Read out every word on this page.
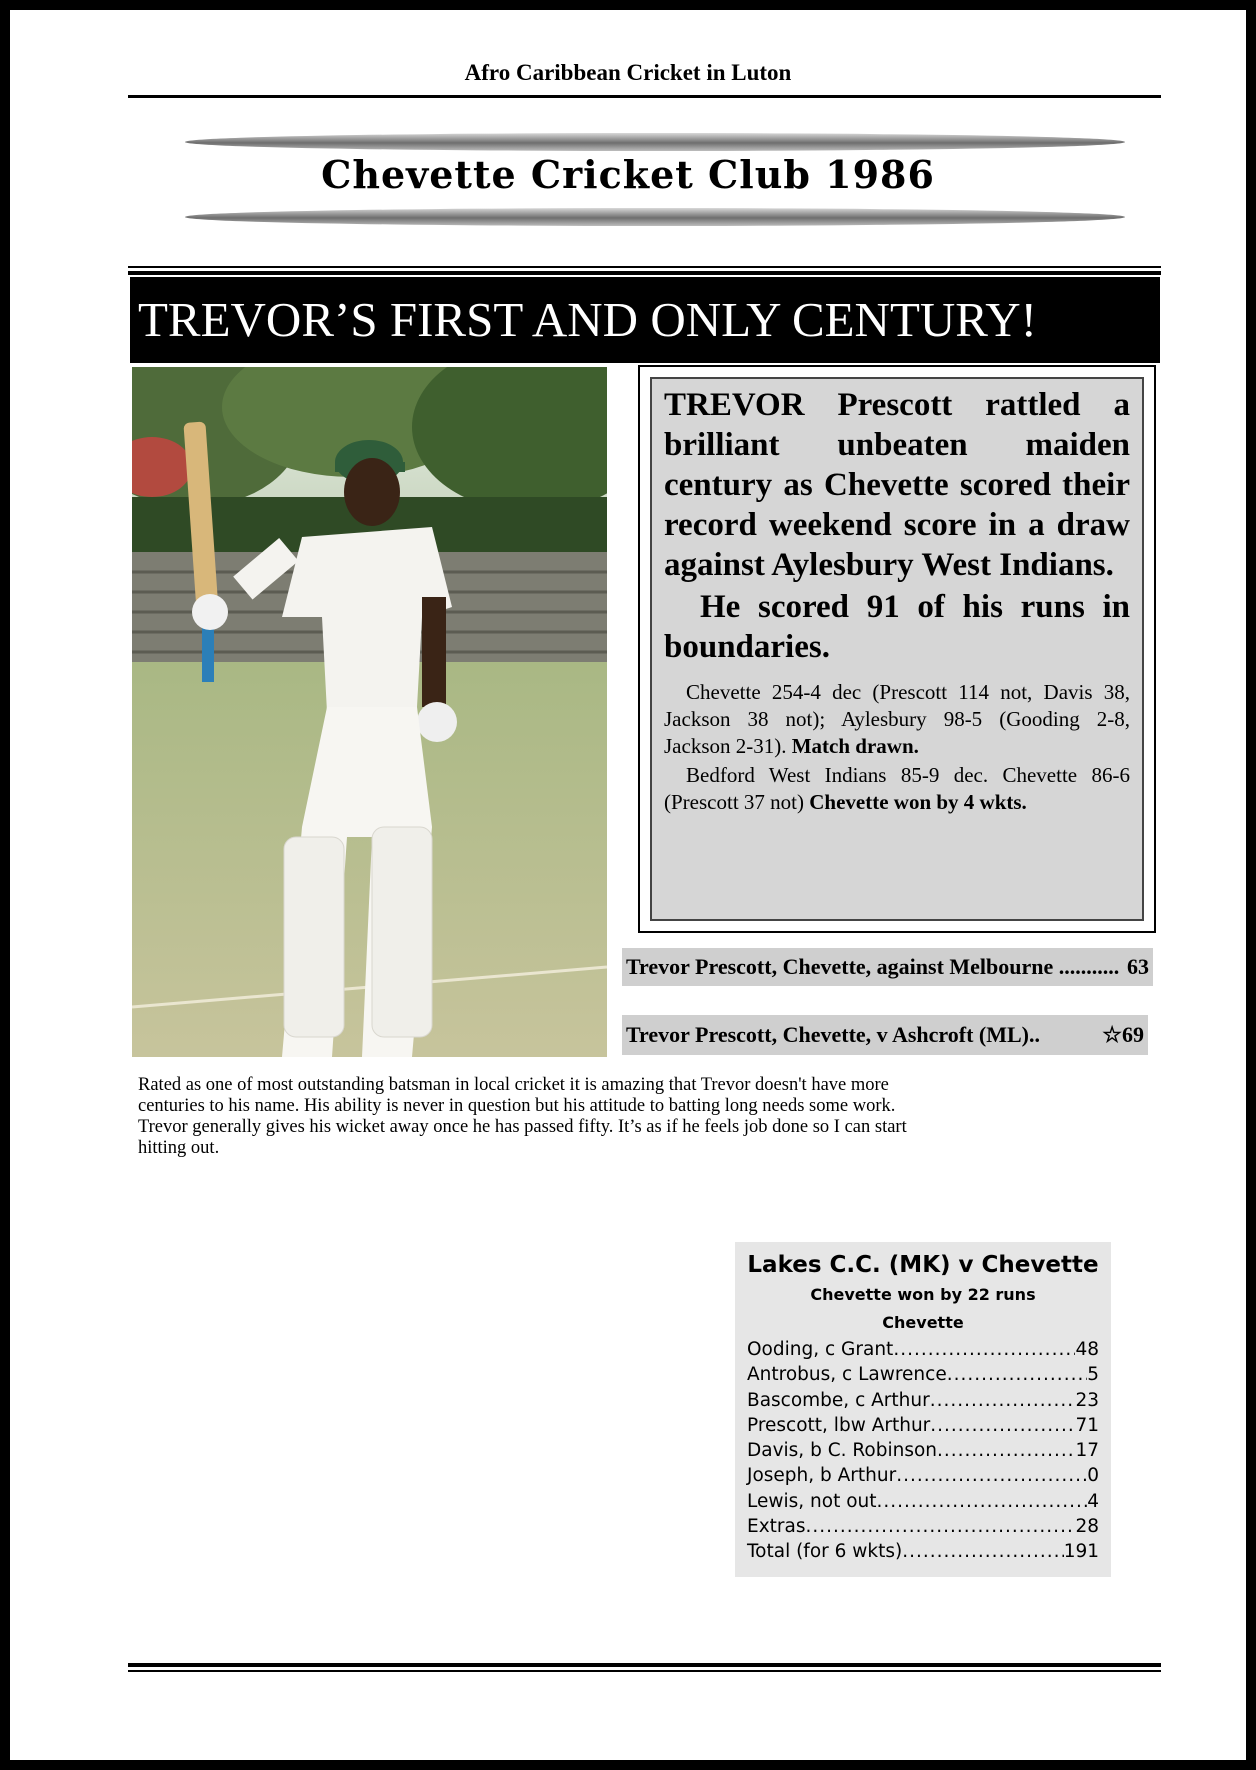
Afro Caribbean Cricket in Luton
Chevette Cricket Club 1986
TREVOR’S FIRST AND ONLY CENTURY!

TREVOR Prescott rattled a brilliant unbeaten maiden century as Chevette scored their record weekend score in a draw against Aylesbury West Indians.

He scored 91 of his runs in boundaries.

Chevette 254-4 dec (Prescott 114 not, Davis 38, Jackson 38 not); Aylesbury 98-5 (Gooding 2-8, Jackson 2-31). Match drawn.

Bedford West Indians 85-9 dec. Chevette 86-6 (Prescott 37 not) Chevette won by 4 wkts.

Trevor Prescott, Chevette, against Melbourne ........... 63
Trevor Prescott, Chevette, v Ashcroft (ML)..	☆69

Rated as one of most outstanding batsman in local cricket it is amazing that Trevor doesn't have more centuries to his name. His ability is never in question but his attitude to batting long needs some work.

Trevor generally gives his wicket away once he has passed fifty. It’s as if he feels job done so I can start hitting out.

Lakes C.C. (MK) v Chevette
Chevette won by 22 runs
Chevette
Ooding, c Grant .....	48
Antrobus, c Lawrence .....	5
Bascombe, c Arthur .....	23
Prescott, lbw Arthur .....	71
Davis, b C. Robinson .....	17
Joseph, b Arthur .....	0
Lewis, not out .....	4
Extras .....	28
Total (for 6 wkts) .....	191
